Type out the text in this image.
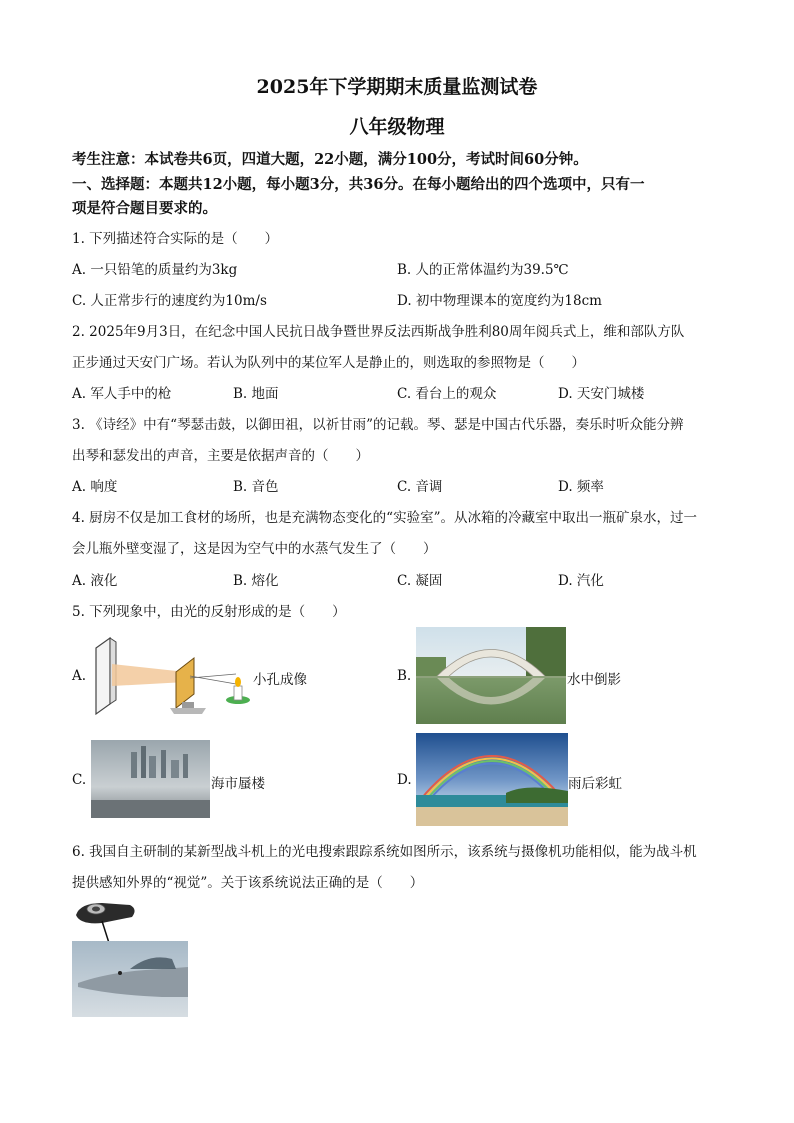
2025年下学期期末质量监测试卷
八年级物理
考生注意：本试卷共6页，四道大题，22小题，满分100分，考试时间60分钟。
一、选择题：本题共12小题，每小题3分，共36分。在每小题给出的四个选项中，只有一
项是符合题目要求的。
1. 下列描述符合实际的是（　　）
A. 一只铅笔的质量约为3kg	B. 人的正常体温约为39.5℃
C. 人正常步行的速度约为10m/s	D. 初中物理课本的宽度约为18cm
2. 2025年9月3日，在纪念中国人民抗日战争暨世界反法西斯战争胜利80周年阅兵式上，维和部队方队
正步通过天安门广场。若认为队列中的某位军人是静止的，则选取的参照物是（　　）
A. 军人手中的枪	B. 地面	C. 看台上的观众	D. 天安门城楼
3. 《诗经》中有“琴瑟击鼓，以御田祖，以祈甘雨”的记载。琴、瑟是中国古代乐器，奏乐时听众能分辨
出琴和瑟发出的声音，主要是依据声音的（　　）
A. 响度	B. 音色	C. 音调	D. 频率
4. 厨房不仅是加工食材的场所，也是充满物态变化的“实验室”。从冰箱的冷藏室中取出一瓶矿泉水，过一
会儿瓶外壁变湿了，这是因为空气中的水蒸气发生了（　　）
A. 液化	B. 熔化	C. 凝固	D. 汽化
5. 下列现象中，由光的反射形成的是（　　）
A.	小孔成像	B.	水中倒影
C.	海市蜃楼	D.	雨后彩虹
6. 我国自主研制的某新型战斗机上的光电搜索跟踪系统如图所示，该系统与摄像机功能相似，能为战斗机
提供感知外界的“视觉”。关于该系统说法正确的是（　　）
